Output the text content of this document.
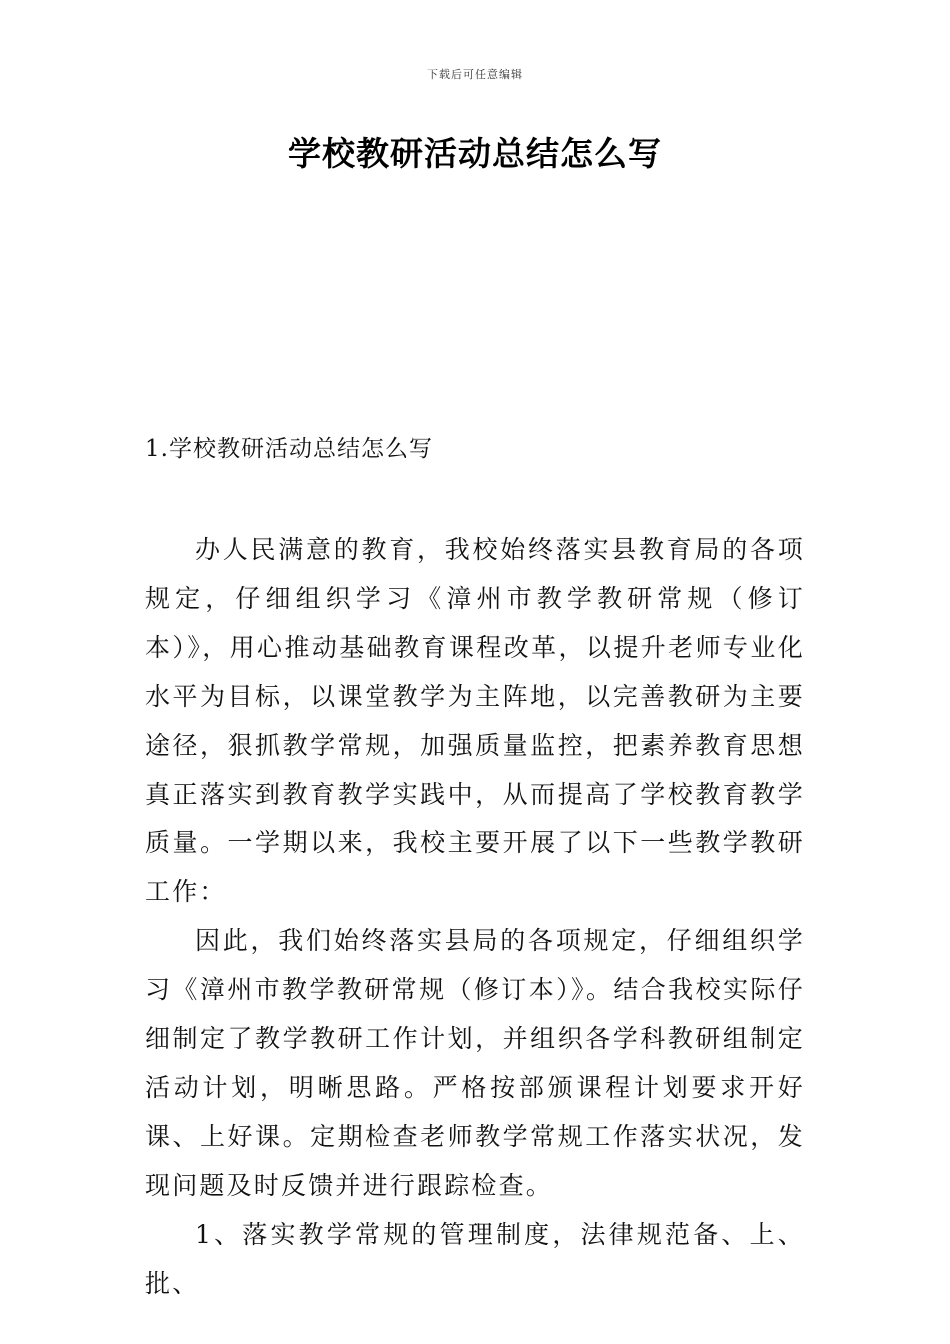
下载后可任意编辑
学校教研活动总结怎么写
1.学校教研活动总结怎么写

办人民满意的教育，我校始终落实县教育局的各项规定，仔细组织学习《漳州市教学教研常规（修订本）》，用心推动基础教育课程改革，以提升老师专业化水平为目标，以课堂教学为主阵地，以完善教研为主要途径，狠抓教学常规，加强质量监控，把素养教育思想真正落实到教育教学实践中，从而提高了学校教育教学质量。一学期以来，我校主要开展了以下一些教学教研工作：

因此，我们始终落实县局的各项规定，仔细组织学习《漳州市教学教研常规（修订本）》。结合我校实际仔细制定了教学教研工作计划，并组织各学科教研组制定活动计划，明晰思路。严格按部颁课程计划要求开好课、上好课。定期检查老师教学常规工作落实状况，发现问题及时反馈并进行跟踪检查。

1、落实教学常规的管理制度，法律规范备、上、批、
